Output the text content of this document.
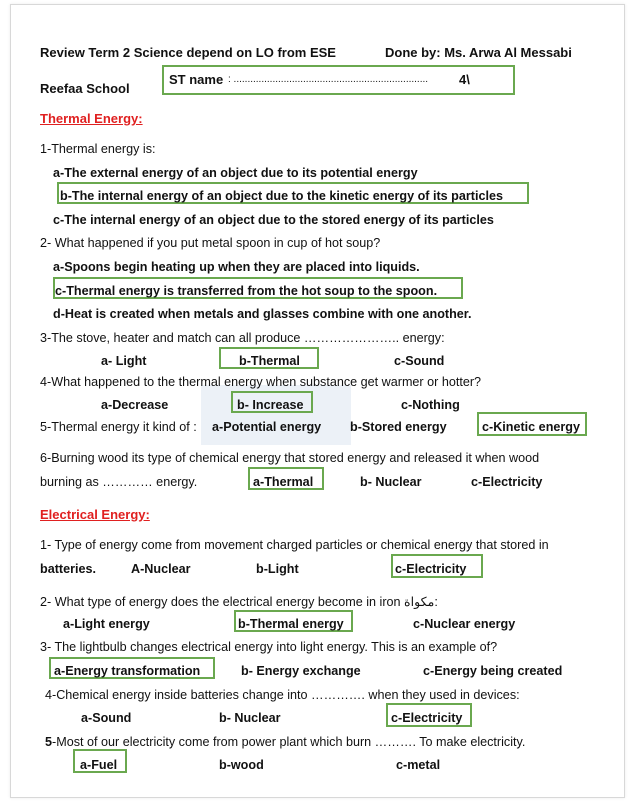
Review Term 2 Science depend on LO from ESE	Done by: Ms. Arwa Al Messabi
Reefaa School
ST name : ...................................................................... 4\
Thermal Energy:
1-Thermal energy is:
a-The external energy of an object due to its potential energy
b-The internal energy of an object due to the kinetic energy of its particles
c-The internal energy of an object due to the stored energy of its particles
2- What happened if you put metal spoon in cup of hot soup?
a-Spoons begin heating up when they are placed into liquids.
c-Thermal energy is transferred from the hot soup to the spoon.
d-Heat is created when metals and glasses combine with one another.
3-The stove, heater and match can all produce ………………….. energy:
a- Light	b-Thermal	c-Sound
4-What happened to the thermal energy when substance get warmer or hotter?
a-Decrease	b- Increase	c-Nothing
5-Thermal energy it kind of : a-Potential energy b-Stored energy	c-Kinetic energy
6-Burning wood its type of chemical energy that stored energy and released it when wood
burning as ………… energy.	a-Thermal	b- Nuclear	c-Electricity
Electrical Energy:
1- Type of energy come from movement charged particles or chemical energy that stored in
batteries.	A-Nuclear	b-Light	c-Electricity
2- What type of energy does the electrical energy become in iron مكواة:
a-Light energy	b-Thermal energy	c-Nuclear energy
3- The lightbulb changes electrical energy into light energy. This is an example of?
a-Energy transformation	b- Energy exchange	c-Energy being created
4-Chemical energy inside batteries change into …………. when they used in devices:
a-Sound	b- Nuclear	c-Electricity
5-Most of our electricity come from power plant which burn ………. To make electricity.
a-Fuel	b-wood	c-metal
